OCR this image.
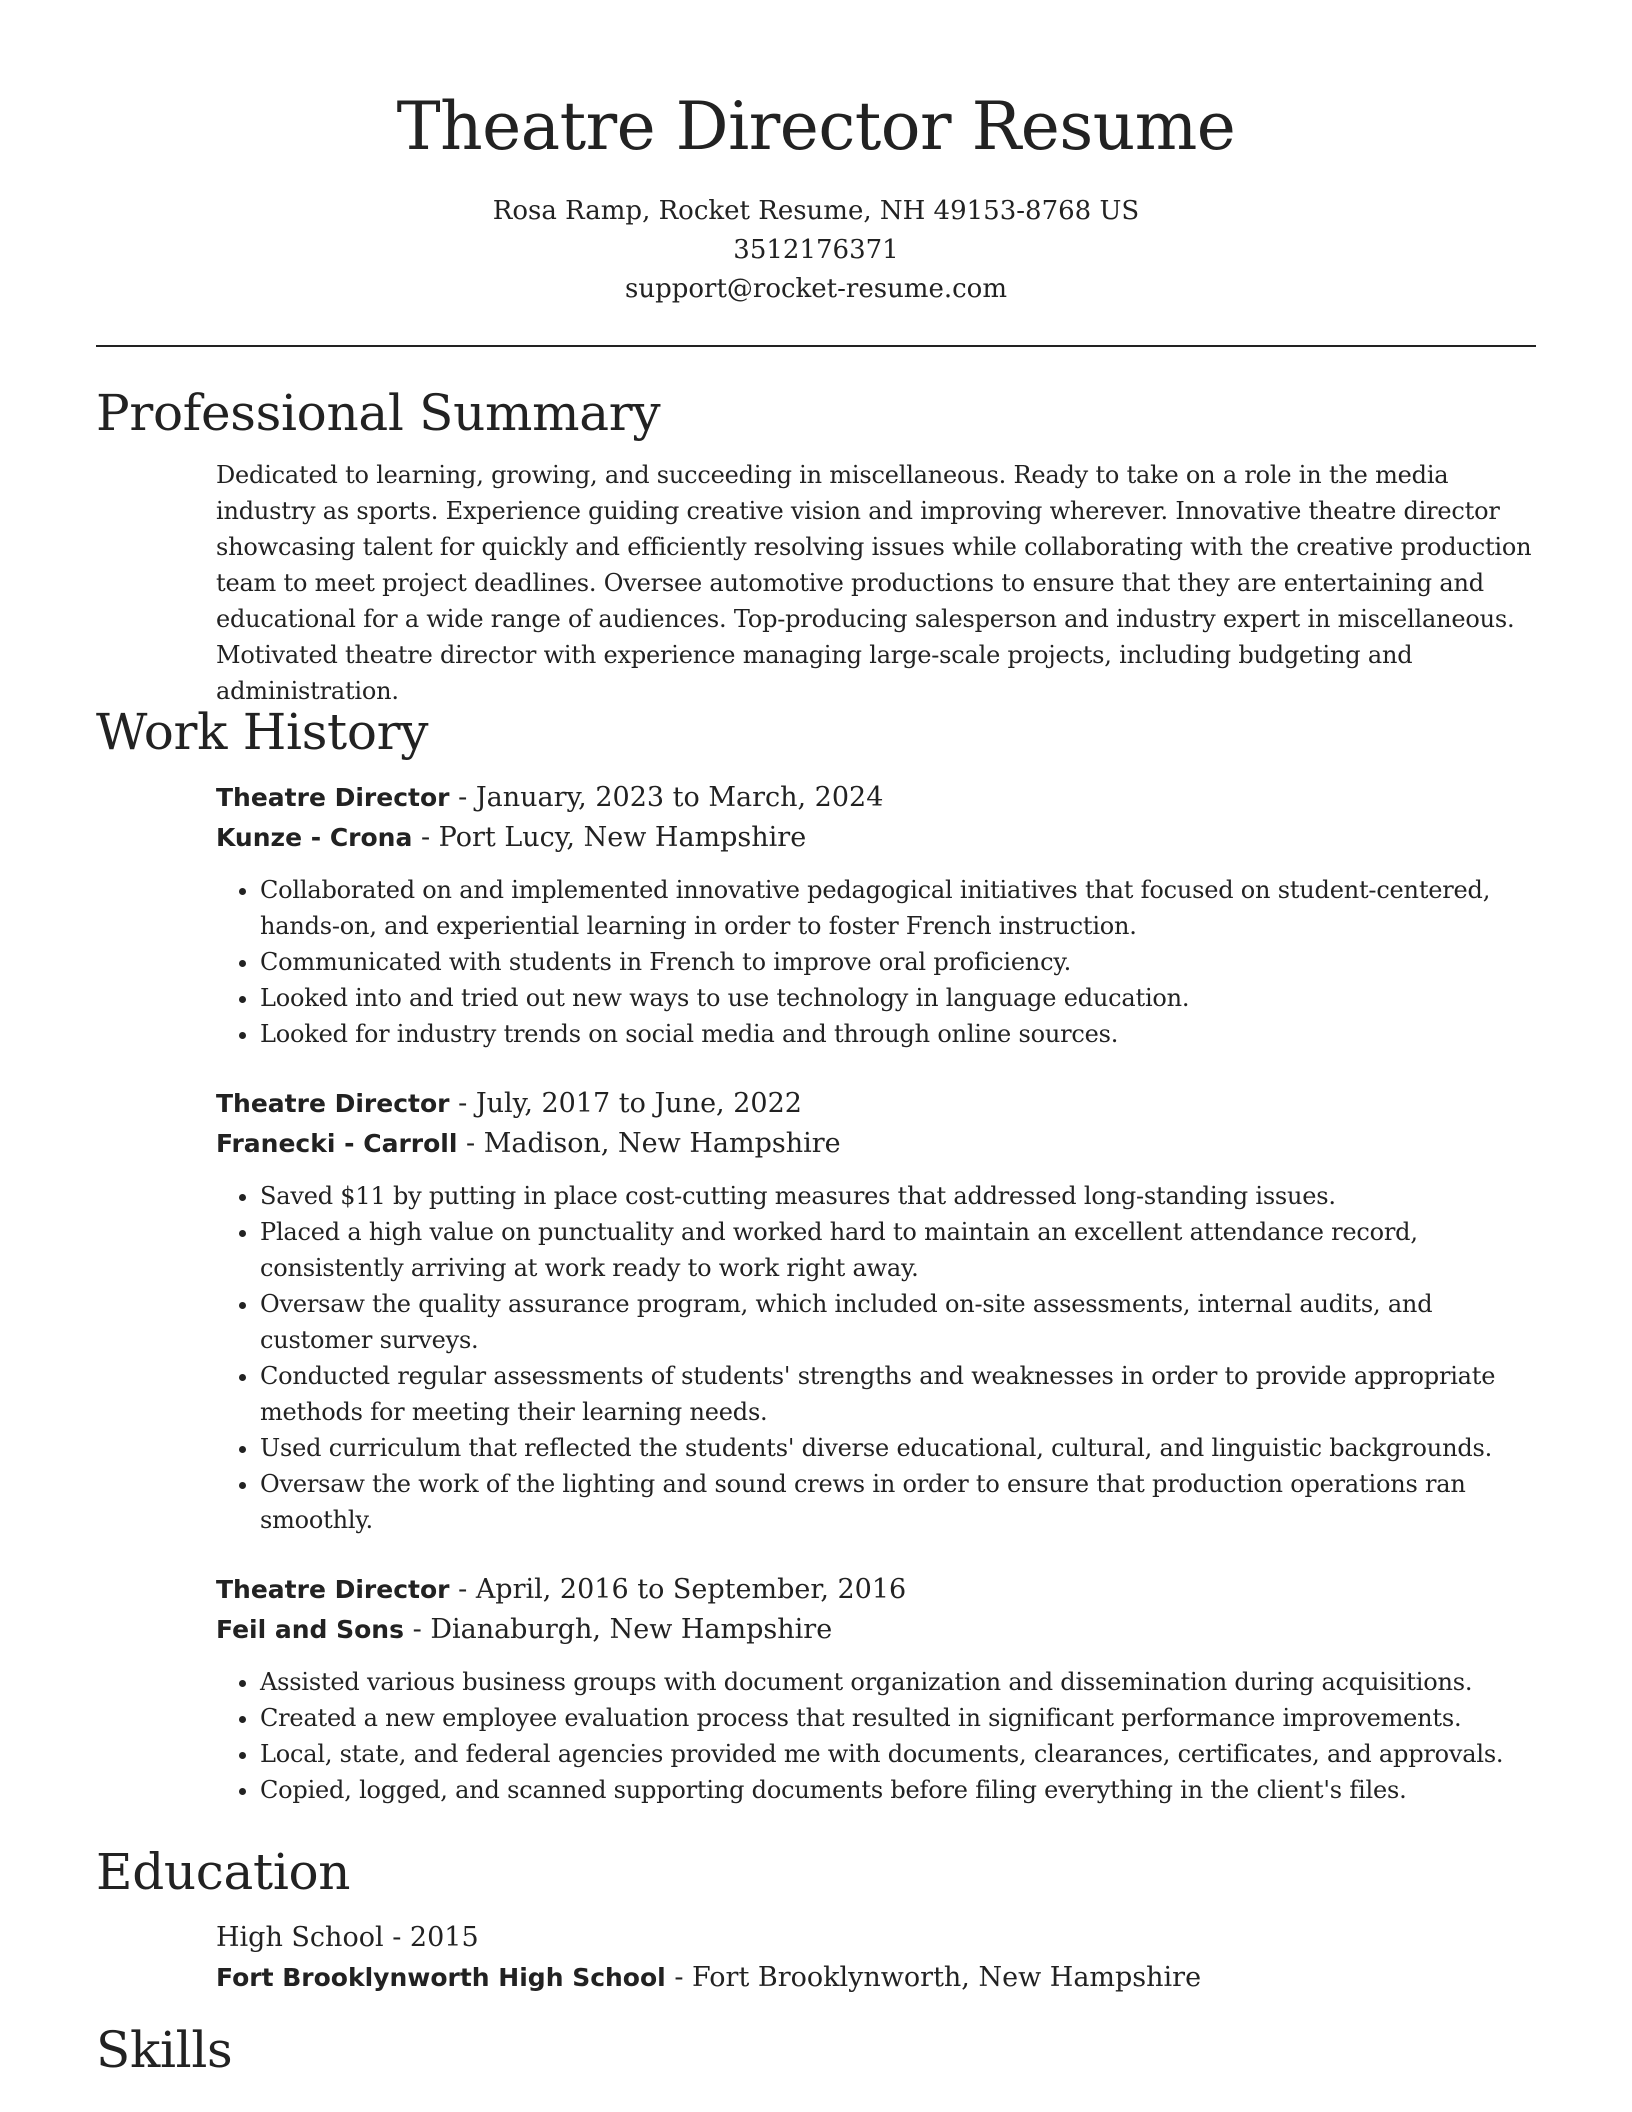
Theatre Director Resume
Rosa Ramp, Rocket Resume, NH 49153-8768 US
3512176371
support@rocket-resume.com
Professional Summary

Dedicated to learning, growing, and succeeding in miscellaneous. Ready to take on a role in the media industry as sports. Experience guiding creative vision and improving wherever. Innovative theatre director showcasing talent for quickly and efficiently resolving issues while collaborating with the creative production team to meet project deadlines. Oversee automotive productions to ensure that they are entertaining and educational for a wide range of audiences. Top-producing salesperson and industry expert in miscellaneous. Motivated theatre director with experience managing large-scale projects, including budgeting and administration.

Work History
Theatre Director - January, 2023 to March, 2024
Kunze - Crona - Port Lucy, New Hampshire
• Collaborated on and implemented innovative pedagogical initiatives that focused on student-centered, hands-on, and experiential learning in order to foster French instruction.
• Communicated with students in French to improve oral proficiency.
• Looked into and tried out new ways to use technology in language education.
• Looked for industry trends on social media and through online sources.
Theatre Director - July, 2017 to June, 2022
Franecki - Carroll - Madison, New Hampshire
• Saved $11 by putting in place cost-cutting measures that addressed long-standing issues.
• Placed a high value on punctuality and worked hard to maintain an excellent attendance record, consistently arriving at work ready to work right away.
• Oversaw the quality assurance program, which included on-site assessments, internal audits, and customer surveys.
• Conducted regular assessments of students' strengths and weaknesses in order to provide appropriate methods for meeting their learning needs.
• Used curriculum that reflected the students' diverse educational, cultural, and linguistic backgrounds.
• Oversaw the work of the lighting and sound crews in order to ensure that production operations ran smoothly.
Theatre Director - April, 2016 to September, 2016
Feil and Sons - Dianaburgh, New Hampshire
• Assisted various business groups with document organization and dissemination during acquisitions.
• Created a new employee evaluation process that resulted in significant performance improvements.
• Local, state, and federal agencies provided me with documents, clearances, certificates, and approvals.
• Copied, logged, and scanned supporting documents before filing everything in the client's files.
Education
High School - 2015
Fort Brooklynworth High School - Fort Brooklynworth, New Hampshire
Skills
